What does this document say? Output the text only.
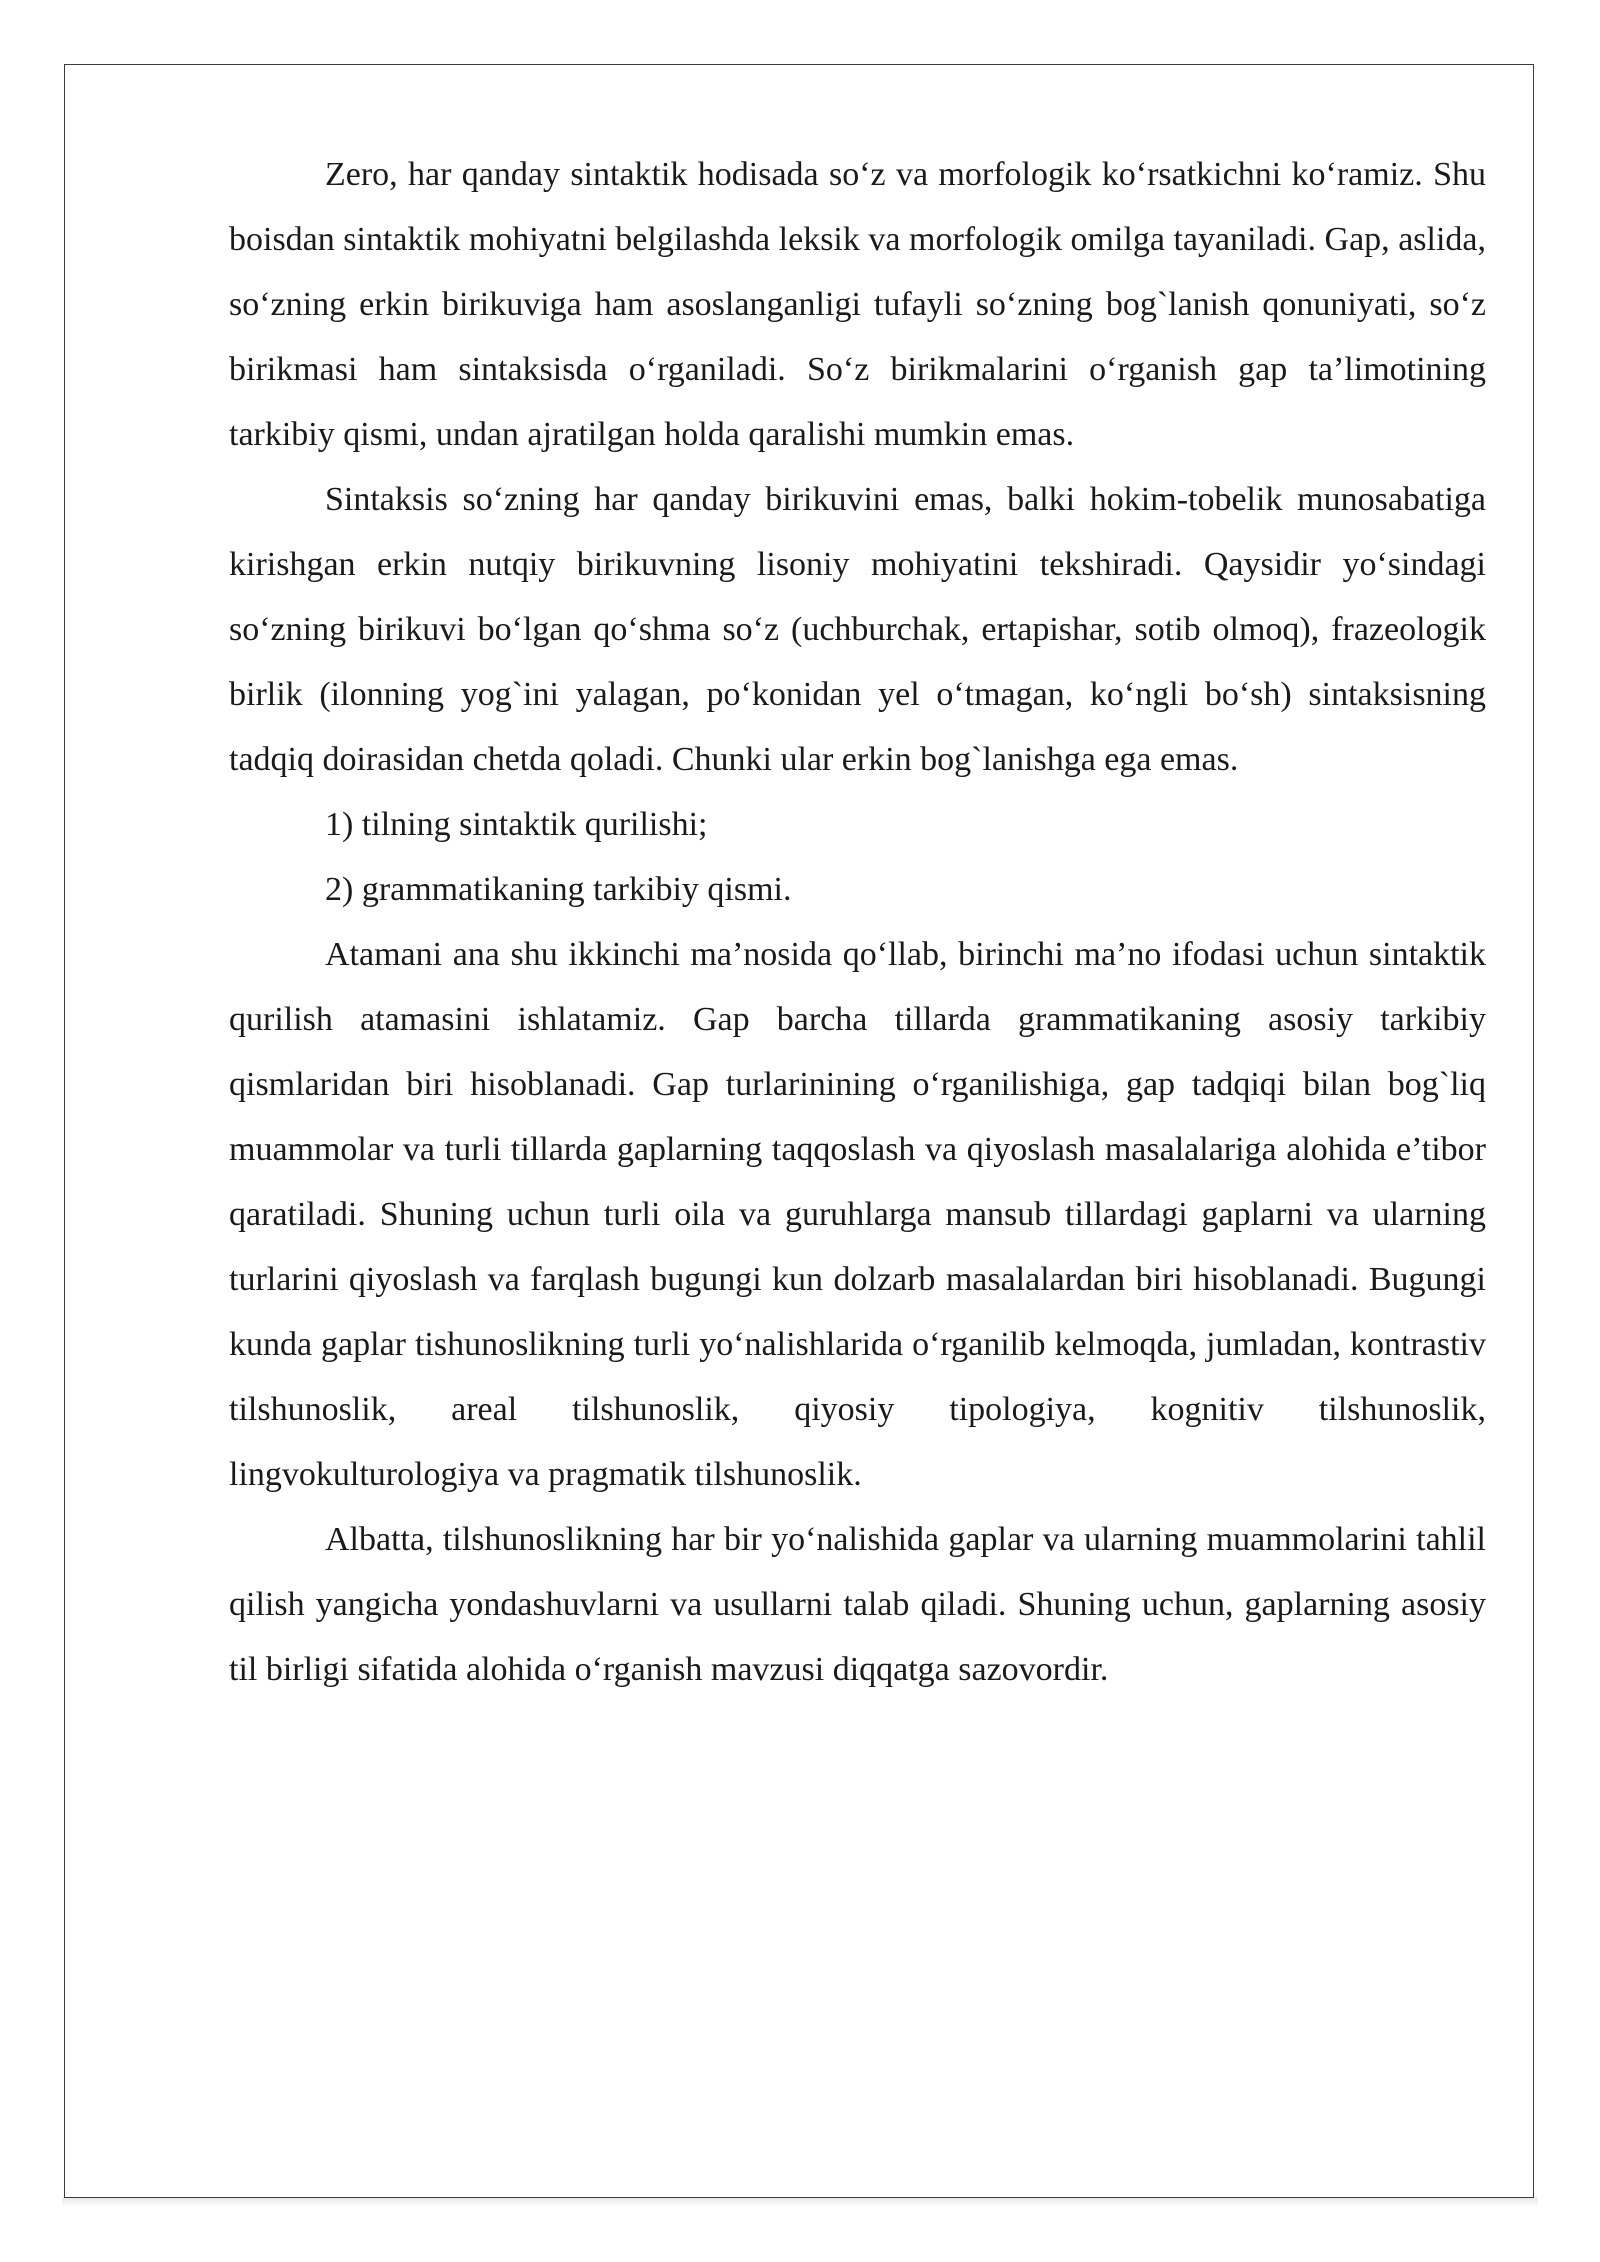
Zero, har qanday sintaktik hodisada so‘z va morfologik ko‘rsatkichni ko‘ramiz. Shu boisdan sintaktik mohiyatni belgilashda leksik va morfologik omilga tayaniladi. Gap, aslida, so‘zning erkin birikuviga ham asoslanganligi tufayli so‘zning bog`lanish qonuniyati, so‘z birikmasi ham sintaksisda o‘rganiladi. So‘z birikmalarini o‘rganish gap ta’limotining tarkibiy qismi, undan ajratilgan holda qaralishi mumkin emas.

Sintaksis so‘zning har qanday birikuvini emas, balki hokim-tobelik munosabatiga kirishgan erkin nutqiy birikuvning lisoniy mohiyatini tekshiradi. Qaysidir yo‘sindagi so‘zning birikuvi bo‘lgan qo‘shma so‘z (uchburchak, ertapishar, sotib olmoq), frazeologik birlik (ilonning yog`ini yalagan, po‘konidan yel o‘tmagan, ko‘ngli bo‘sh) sintaksisning tadqiq doirasidan chetda qoladi. Chunki ular erkin bog`lanishga ega emas.

1) tilning sintaktik qurilishi;

2) grammatikaning tarkibiy qismi.

Atamani ana shu ikkinchi ma’nosida qo‘llab, birinchi ma’no ifodasi uchun sintaktik qurilish atamasini ishlatamiz. Gap barcha tillarda grammatikaning asosiy tarkibiy qismlaridan biri hisoblanadi. Gap turlarinining o‘rganilishiga, gap tadqiqi bilan bog`liq muammolar va turli tillarda gaplarning taqqoslash va qiyoslash masalalariga alohida e’tibor qaratiladi. Shuning uchun turli oila va guruhlarga mansub tillardagi gaplarni va ularning turlarini qiyoslash va farqlash bugungi kun dolzarb masalalardan biri hisoblanadi. Bugungi kunda gaplar tishunoslikning turli yo‘nalishlarida o‘rganilib kelmoqda, jumladan, kontrastiv tilshunoslik, areal tilshunoslik, qiyosiy tipologiya, kognitiv tilshunoslik, lingvokulturologiya va pragmatik tilshunoslik.

Albatta, tilshunoslikning har bir yo‘nalishida gaplar va ularning muammolarini tahlil qilish yangicha yondashuvlarni va usullarni talab qiladi. Shuning uchun, gaplarning asosiy til birligi sifatida alohida o‘rganish mavzusi diqqatga sazovordir.
